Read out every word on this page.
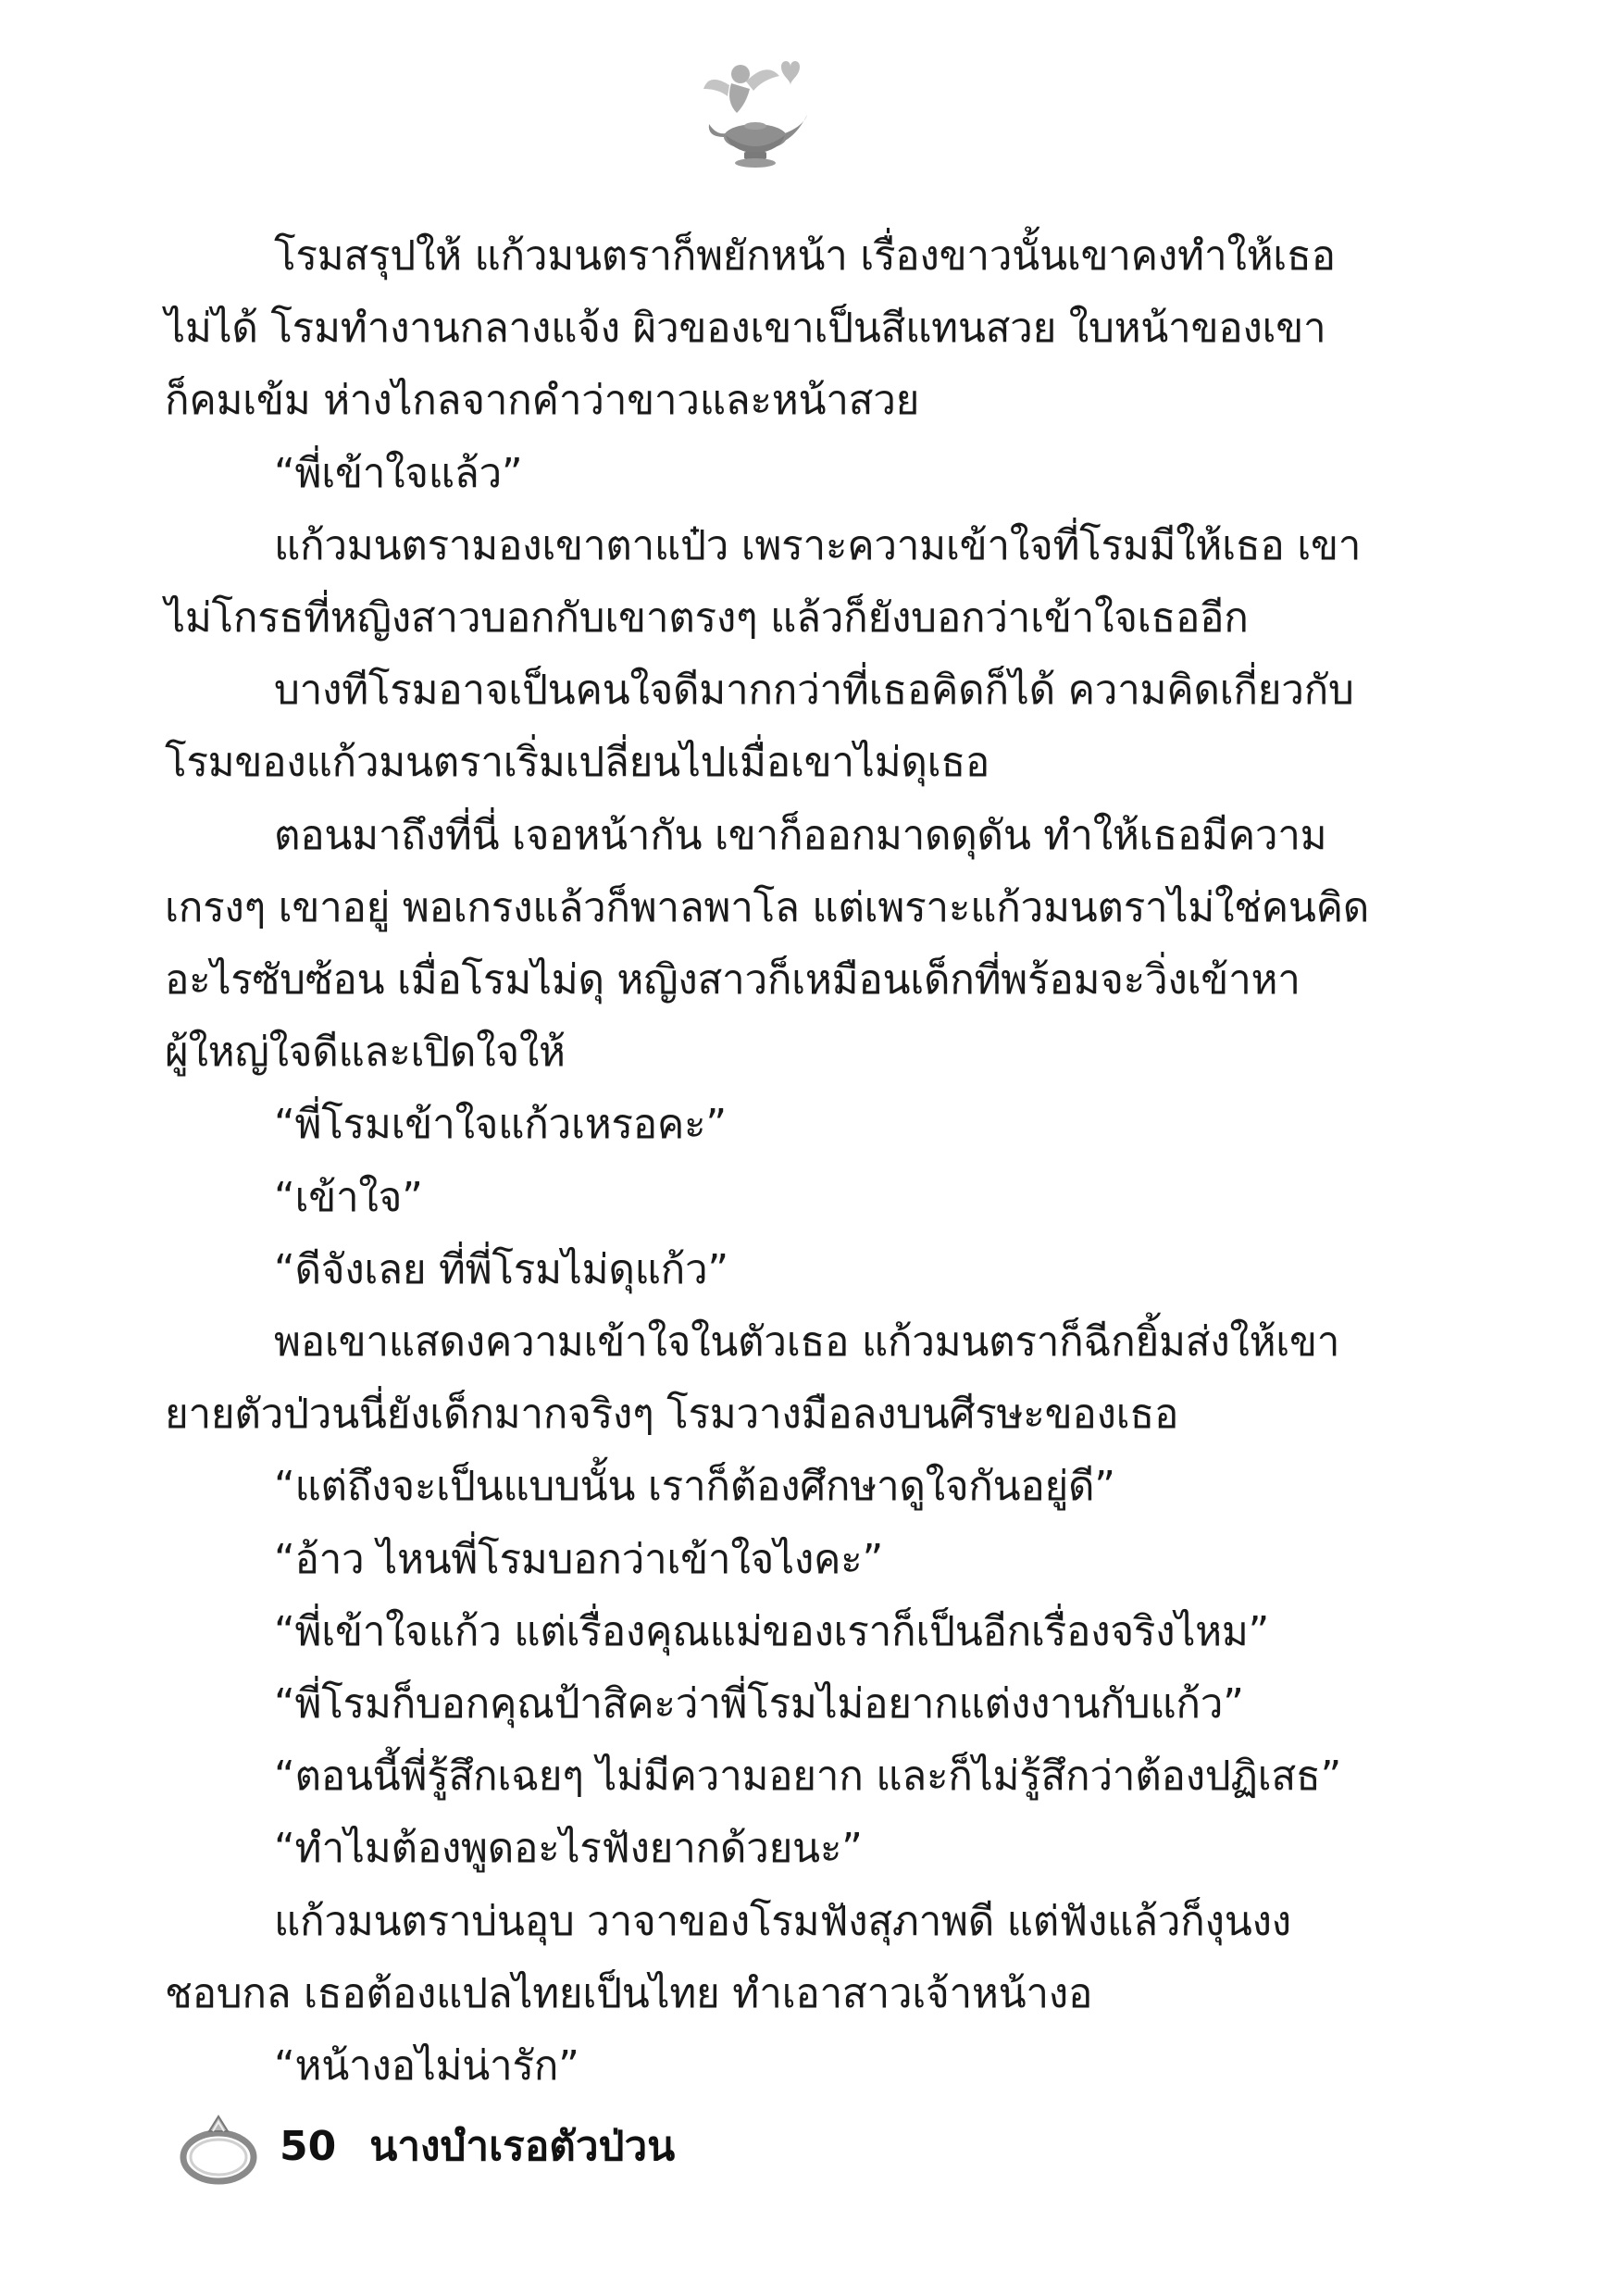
โรมสรุปให้ แก้วมนตราก็พยักหน้า เรื่องขาวนั้นเขาคงทำให้เธอ

ไม่ได้ โรมทำงานกลางแจ้ง ผิวของเขาเป็นสีแทนสวย ใบหน้าของเขา

ก็คมเข้ม ห่างไกลจากคำว่าขาวและหน้าสวย

“พี่เข้าใจแล้ว”

แก้วมนตรามองเขาตาแป๋ว เพราะความเข้าใจที่โรมมีให้เธอ เขา

ไม่โกรธที่หญิงสาวบอกกับเขาตรงๆ แล้วก็ยังบอกว่าเข้าใจเธออีก

บางทีโรมอาจเป็นคนใจดีมากกว่าที่เธอคิดก็ได้ ความคิดเกี่ยวกับ

โรมของแก้วมนตราเริ่มเปลี่ยนไปเมื่อเขาไม่ดุเธอ

ตอนมาถึงที่นี่ เจอหน้ากัน เขาก็ออกมาดดุดัน ทำให้เธอมีความ

เกรงๆ เขาอยู่ พอเกรงแล้วก็พาลพาโล แต่เพราะแก้วมนตราไม่ใช่คนคิด

อะไรซับซ้อน เมื่อโรมไม่ดุ หญิงสาวก็เหมือนเด็กที่พร้อมจะวิ่งเข้าหา

ผู้ใหญ่ใจดีและเปิดใจให้

“พี่โรมเข้าใจแก้วเหรอคะ”

“เข้าใจ”

“ดีจังเลย ที่พี่โรมไม่ดุแก้ว”

พอเขาแสดงความเข้าใจในตัวเธอ แก้วมนตราก็ฉีกยิ้มส่งให้เขา

ยายตัวป่วนนี่ยังเด็กมากจริงๆ โรมวางมือลงบนศีรษะของเธอ

“แต่ถึงจะเป็นแบบนั้น เราก็ต้องศึกษาดูใจกันอยู่ดี”

“อ้าว ไหนพี่โรมบอกว่าเข้าใจไงคะ”

“พี่เข้าใจแก้ว แต่เรื่องคุณแม่ของเราก็เป็นอีกเรื่องจริงไหม”

“พี่โรมก็บอกคุณป้าสิคะว่าพี่โรมไม่อยากแต่งงานกับแก้ว”

“ตอนนี้พี่รู้สึกเฉยๆ ไม่มีความอยาก และก็ไม่รู้สึกว่าต้องปฏิเสธ”

“ทำไมต้องพูดอะไรฟังยากด้วยนะ”

แก้วมนตราบ่นอุบ วาจาของโรมฟังสุภาพดี แต่ฟังแล้วก็งุนงง

ชอบกล เธอต้องแปลไทยเป็นไทย ทำเอาสาวเจ้าหน้างอ

“หน้างอไม่น่ารัก”

50 นางบำเรอตัวป่วน
